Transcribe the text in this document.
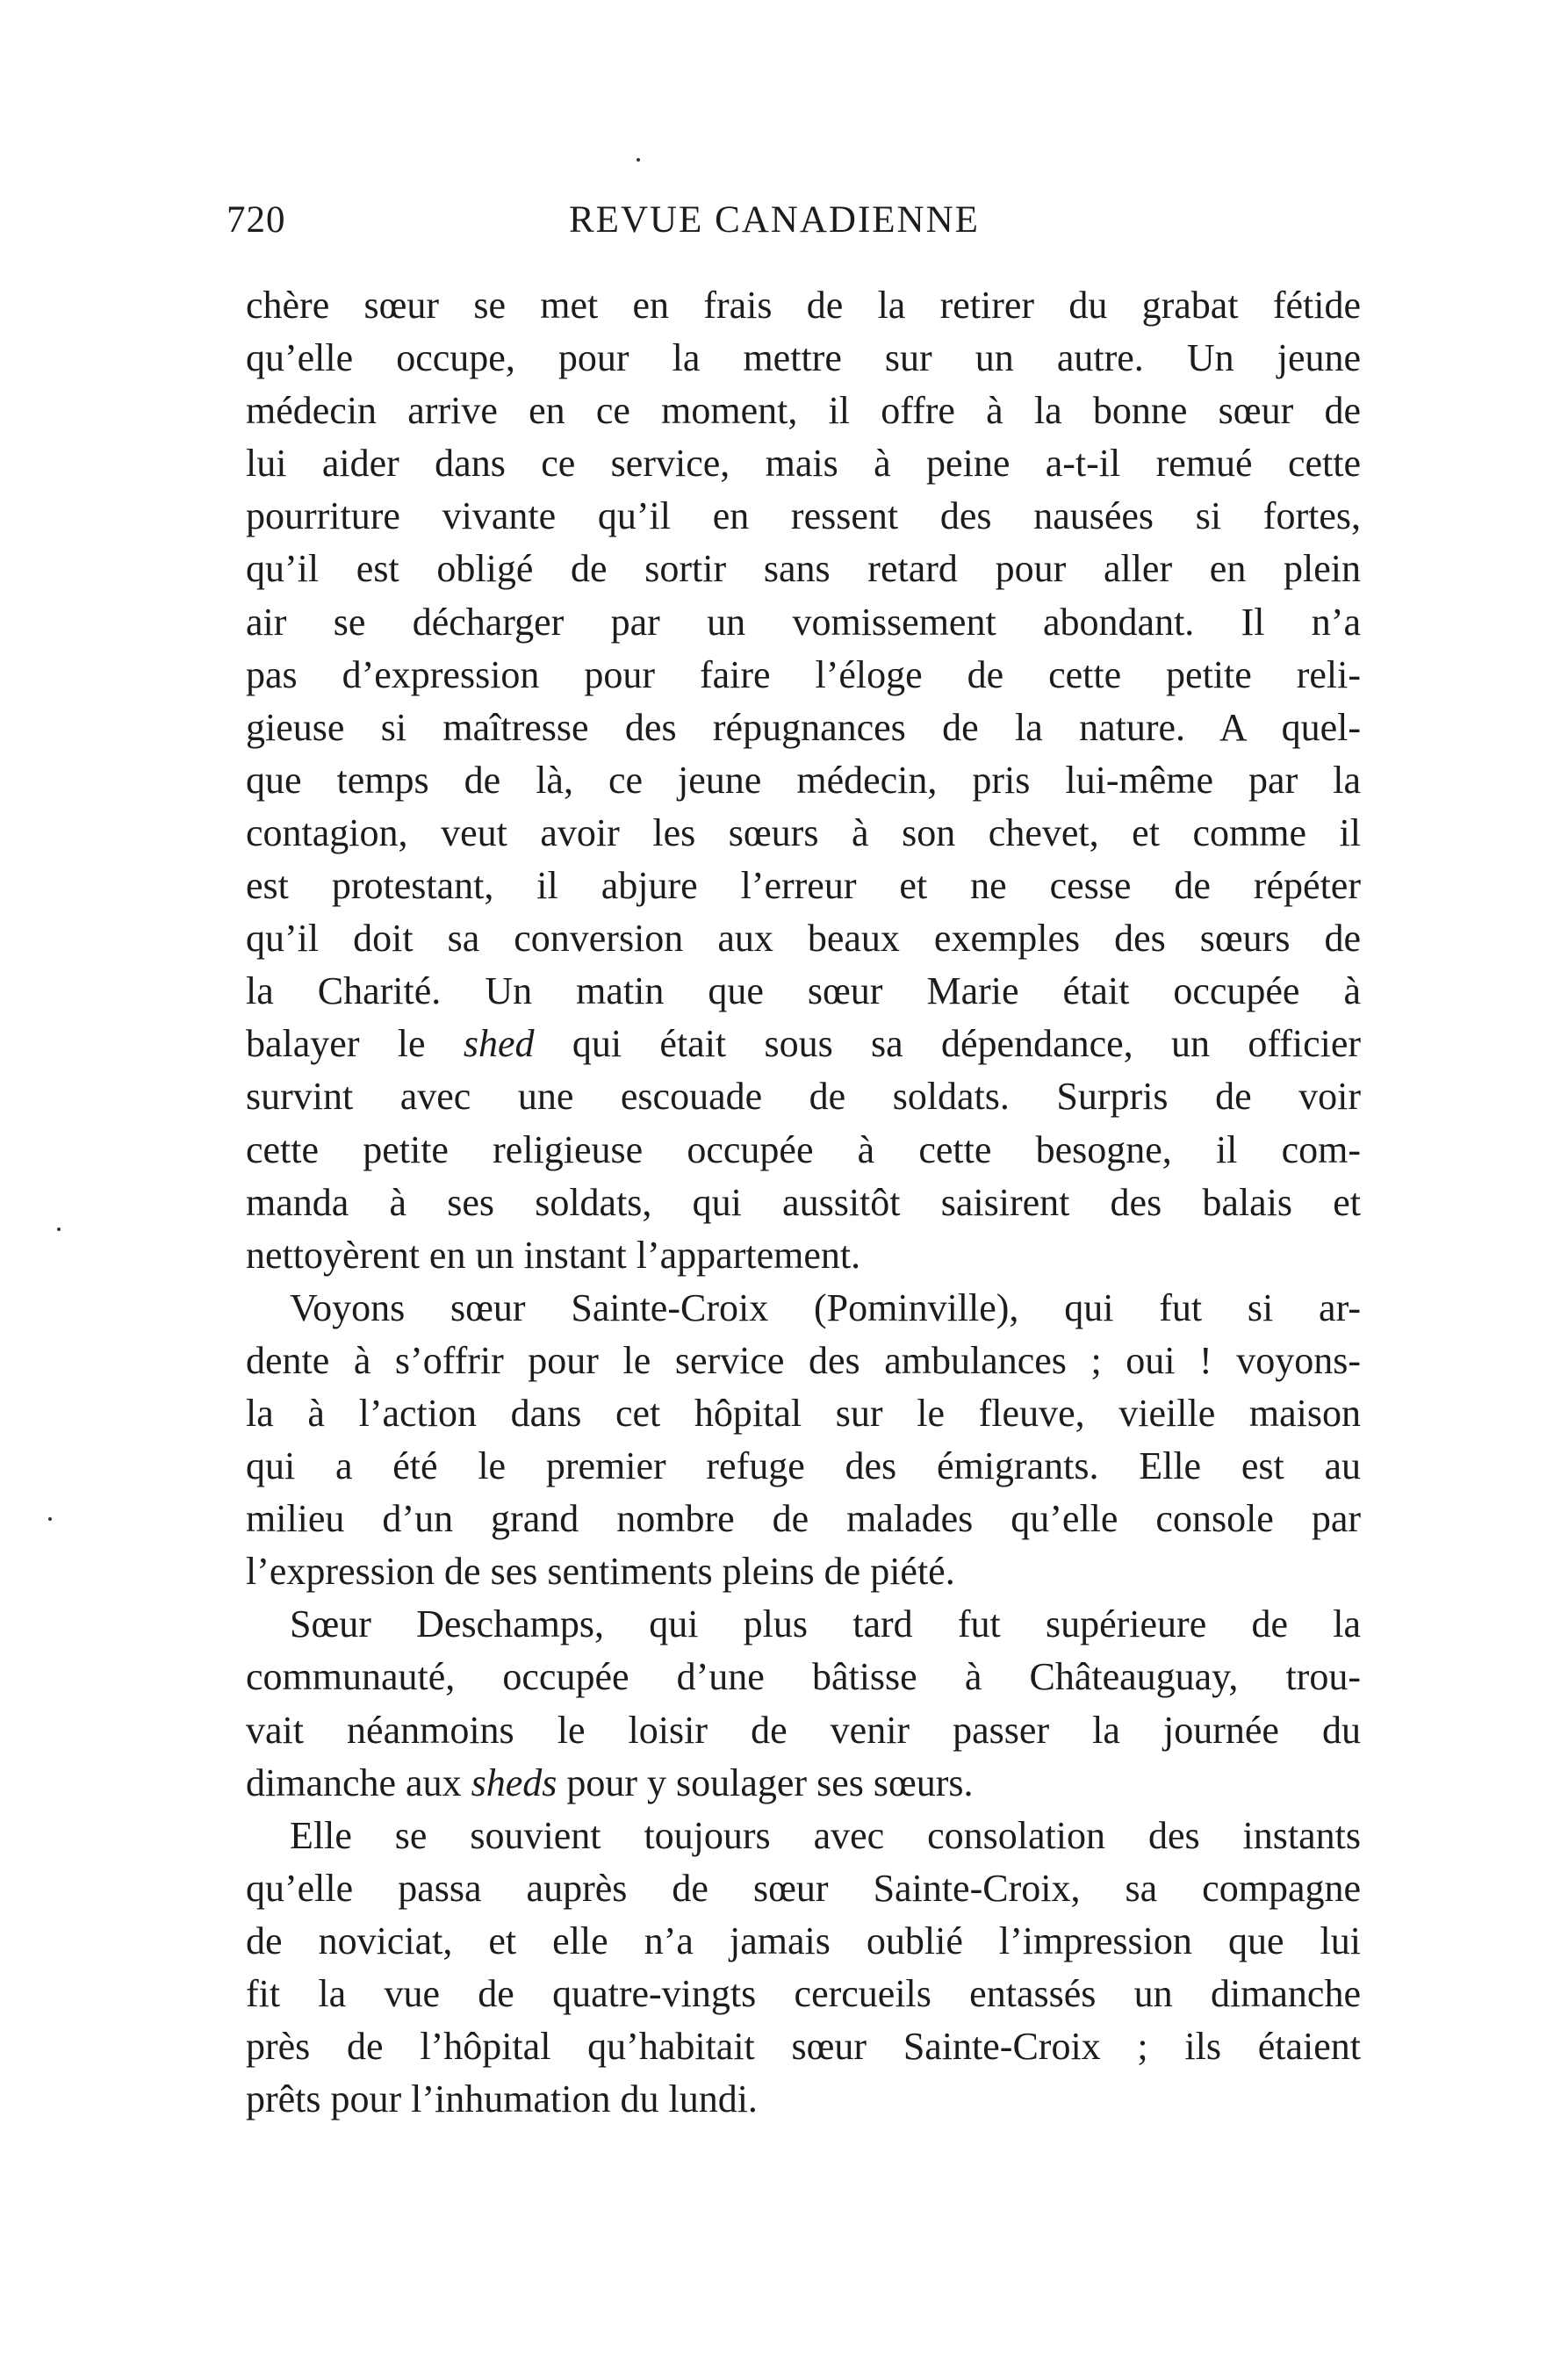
720	REVUE CANADIENNE
chère sœur se met en frais de la retirer du grabat fétide
qu’elle occupe, pour la mettre sur un autre. Un jeune
médecin arrive en ce moment, il offre à la bonne sœur de
lui aider dans ce service, mais à peine a-t-il remué cette
pourriture vivante qu’il en ressent des nausées si fortes,
qu’il est obligé de sortir sans retard pour aller en plein
air se décharger par un vomissement abondant. Il n’a
pas d’expression pour faire l’éloge de cette petite reli-
gieuse si maîtresse des répugnances de la nature. A quel-
que temps de là, ce jeune médecin, pris lui-même par la
contagion, veut avoir les sœurs à son chevet, et comme il
est protestant, il abjure l’erreur et ne cesse de répéter
qu’il doit sa conversion aux beaux exemples des sœurs de
la Charité. Un matin que sœur Marie était occupée à
balayer le shed qui était sous sa dépendance, un officier
survint avec une escouade de soldats. Surpris de voir
cette petite religieuse occupée à cette besogne, il com-
manda à ses soldats, qui aussitôt saisirent des balais et
nettoyèrent en un instant l’appartement.
Voyons sœur Sainte-Croix (Pominville), qui fut si ar-
dente à s’offrir pour le service des ambulances ; oui ! voyons-
la à l’action dans cet hôpital sur le fleuve, vieille maison
qui a été le premier refuge des émigrants. Elle est au
milieu d’un grand nombre de malades qu’elle console par
l’expression de ses sentiments pleins de piété.
Sœur Deschamps, qui plus tard fut supérieure de la
communauté, occupée d’une bâtisse à Châteauguay, trou-
vait néanmoins le loisir de venir passer la journée du
dimanche aux sheds pour y soulager ses sœurs.
Elle se souvient toujours avec consolation des instants
qu’elle passa auprès de sœur Sainte-Croix, sa compagne
de noviciat, et elle n’a jamais oublié l’impression que lui
fit la vue de quatre-vingts cercueils entassés un dimanche
près de l’hôpital qu’habitait sœur Sainte-Croix ; ils étaient
prêts pour l’inhumation du lundi.
